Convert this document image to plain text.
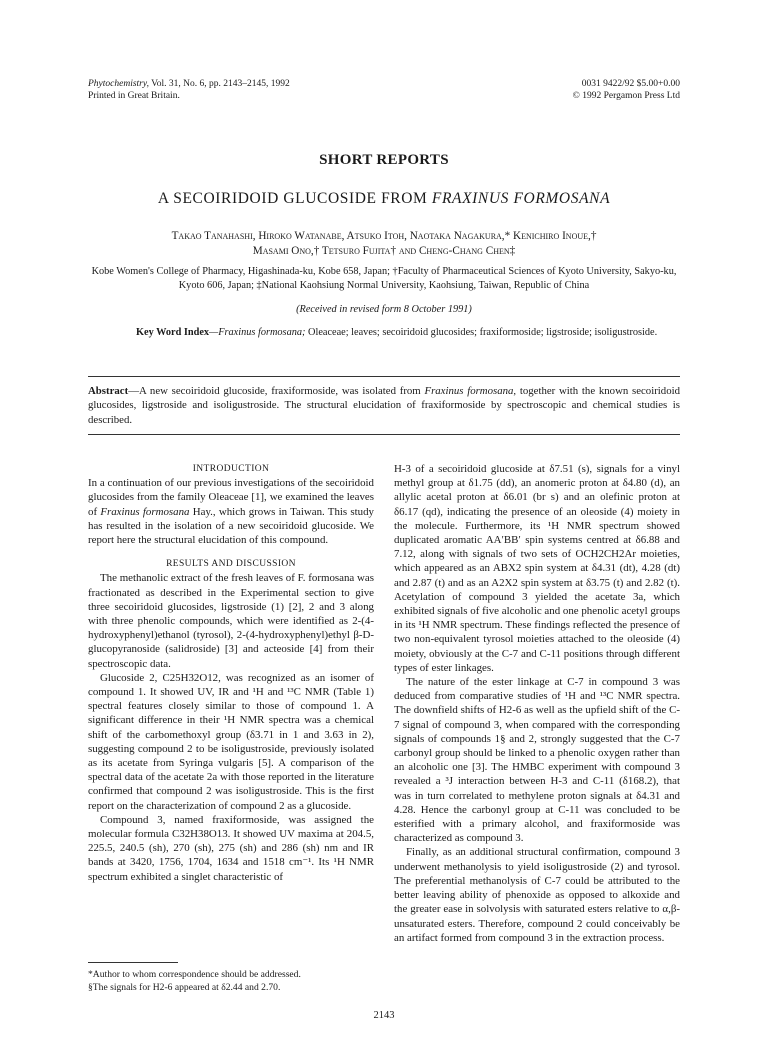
Phytochemistry, Vol. 31, No. 6, pp. 2143–2145, 1992
Printed in Great Britain.
0031 9422/92 $5.00+0.00
© 1992 Pergamon Press Ltd
SHORT REPORTS
A SECOIRIDOID GLUCOSIDE FROM FRAXINUS FORMOSANA
Takao Tanahashi, Hiroko Watanabe, Atsuko Itoh, Naotaka Nagakura,* Kenichiro Inoue,†
Masami Ono,† Tetsuro Fujita† and Cheng-Chang Chen‡
Kobe Women's College of Pharmacy, Higashinada-ku, Kobe 658, Japan; †Faculty of Pharmaceutical Sciences of Kyoto University, Sakyo-ku, Kyoto 606, Japan; ‡National Kaohsiung Normal University, Kaohsiung, Taiwan, Republic of China
(Received in revised form 8 October 1991)
Key Word Index—Fraxinus formosana; Oleaceae; leaves; secoiridoid glucosides; fraxiformoside; ligstroside; isoligustroside.
Abstract—A new secoiridoid glucoside, fraxiformoside, was isolated from Fraxinus formosana, together with the known secoiridoid glucosides, ligstroside and isoligustroside. The structural elucidation of fraxiformoside by spectroscopic and chemical studies is described.

INTRODUCTION

In a continuation of our previous investigations of the secoiridoid glucosides from the family Oleaceae [1], we examined the leaves of Fraxinus formosana Hay., which grows in Taiwan. This study has resulted in the isolation of a new secoiridoid glucoside. We report here the structural elucidation of this compound.

RESULTS AND DISCUSSION

The methanolic extract of the fresh leaves of F. formosana was fractionated as described in the Experimental section to give three secoiridoid glucosides, ligstroside (1) [2], 2 and 3 along with three phenolic compounds, which were identified as 2-(4-hydroxyphenyl)ethanol (tyrosol), 2-(4-hydroxyphenyl)ethyl β-D-glucopyranoside (salidroside) [3] and acteoside [4] from their spectroscopic data.

Glucoside 2, C25H32O12, was recognized as an isomer of compound 1. It showed UV, IR and ¹H and ¹³C NMR (Table 1) spectral features closely similar to those of compound 1. A significant difference in their ¹H NMR spectra was a chemical shift of the carbomethoxyl group (δ3.71 in 1 and 3.63 in 2), suggesting compound 2 to be isoligustroside, previously isolated as its acetate from Syringa vulgaris [5]. A comparison of the spectral data of the acetate 2a with those reported in the literature confirmed that compound 2 was isoligustroside. This is the first report on the characterization of compound 2 as a glucoside.

Compound 3, named fraxiformoside, was assigned the molecular formula C32H38O13. It showed UV maxima at 204.5, 225.5, 240.5 (sh), 270 (sh), 275 (sh) and 286 (sh) nm and IR bands at 3420, 1756, 1704, 1634 and 1518 cm⁻¹. Its ¹H NMR spectrum exhibited a singlet characteristic of

H-3 of a secoiridoid glucoside at δ7.51 (s), signals for a vinyl methyl group at δ1.75 (dd), an anomeric proton at δ4.80 (d), an allylic acetal proton at δ6.01 (br s) and an olefinic proton at δ6.17 (qd), indicating the presence of an oleoside (4) moiety in the molecule. Furthermore, its ¹H NMR spectrum showed duplicated aromatic AA′BB′ spin systems centred at δ6.88 and 7.12, along with signals of two sets of OCH2CH2Ar moieties, which appeared as an ABX2 spin system at δ4.31 (dt), 4.28 (dt) and 2.87 (t) and as an A2X2 spin system at δ3.75 (t) and 2.82 (t). Acetylation of compound 3 yielded the acetate 3a, which exhibited signals of five alcoholic and one phenolic acetyl groups in its ¹H NMR spectrum. These findings reflected the presence of two non-equivalent tyrosol moieties attached to the oleoside (4) moiety, obviously at the C-7 and C-11 positions through different types of ester linkages.

The nature of the ester linkage at C-7 in compound 3 was deduced from comparative studies of ¹H and ¹³C NMR spectra. The downfield shifts of H2-6 as well as the upfield shift of the C-7 signal of compound 3, when compared with the corresponding signals of compounds 1§ and 2, strongly suggested that the C-7 carbonyl group should be linked to a phenolic oxygen rather than an alcoholic one [3]. The HMBC experiment with compound 3 revealed a ³J interaction between H-3 and C-11 (δ168.2), that was in turn correlated to methylene proton signals at δ4.31 and 4.28. Hence the carbonyl group at C-11 was concluded to be esterified with a primary alcohol, and fraxiformoside was characterized as compound 3.

Finally, as an additional structural confirmation, compound 3 underwent methanolysis to yield isoligustroside (2) and tyrosol. The preferential methanolysis of C-7 could be attributed to the better leaving ability of phenoxide as opposed to alkoxide and the greater ease in solvolysis with saturated esters relative to α,β-unsaturated esters. Therefore, compound 2 could conceivably be an artifact formed from compound 3 in the extraction process.

*Author to whom correspondence should be addressed.
§The signals for H2-6 appeared at δ2.44 and 2.70.
2143
